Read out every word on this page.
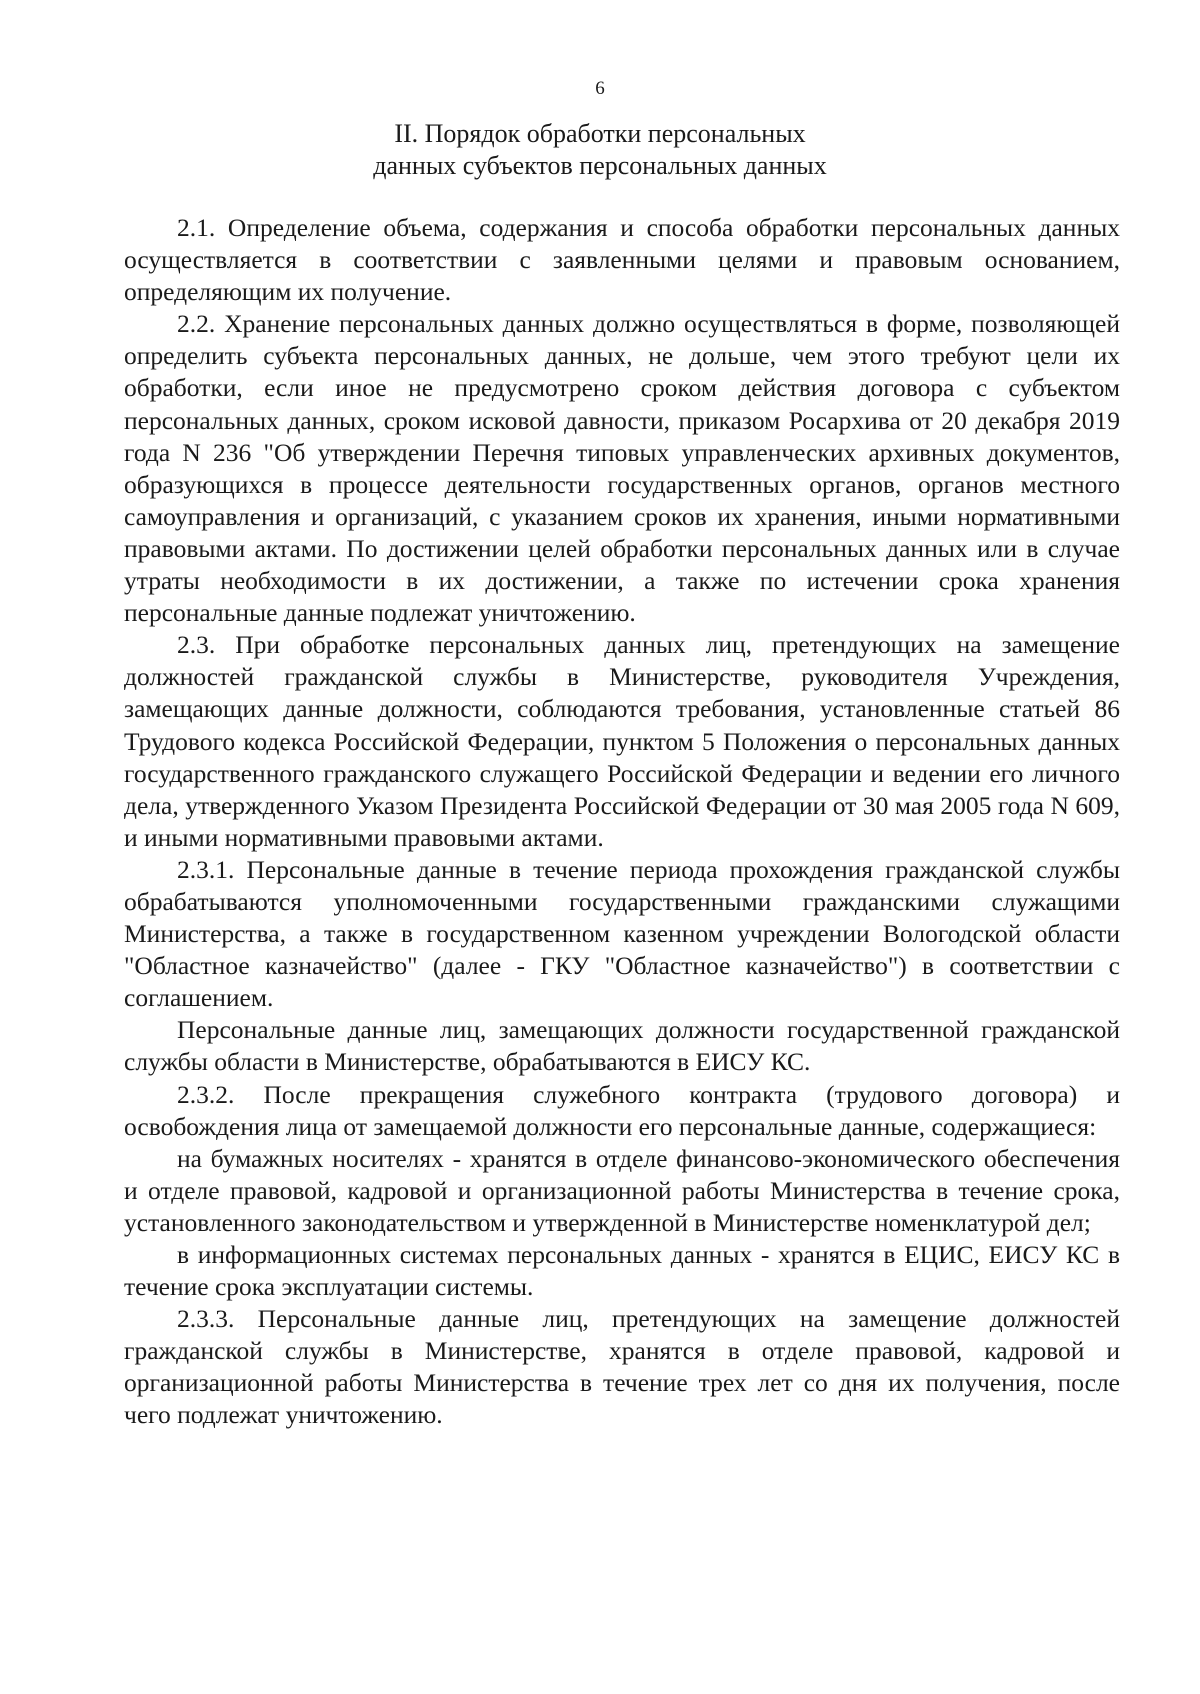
6
II. Порядок обработки персональных
данных субъектов персональных данных

2.1. Определение объема, содержания и способа обработки персональных данных осуществляется в соответствии с заявленными целями и правовым основанием, определяющим их получение.

2.2. Хранение персональных данных должно осуществляться в форме, позволяющей определить субъекта персональных данных, не дольше, чем этого требуют цели их обработки, если иное не предусмотрено сроком действия договора с субъектом персональных данных, сроком исковой давности, приказом Росархива от 20 декабря 2019 года N 236 "Об утверждении Перечня типовых управленческих архивных документов, образующихся в процессе деятельности государственных органов, органов местного самоуправления и организаций, с указанием сроков их хранения, иными нормативными правовыми актами. По достижении целей обработки персональных данных или в случае утраты необходимости в их достижении, а также по истечении срока хранения персональные данные подлежат уничтожению.

2.3. При обработке персональных данных лиц, претендующих на замещение должностей гражданской службы в Министерстве, руководителя Учреждения, замещающих данные должности, соблюдаются требования, установленные статьей 86 Трудового кодекса Российской Федерации, пунктом 5 Положения о персональных данных государственного гражданского служащего Российской Федерации и ведении его личного дела, утвержденного Указом Президента Российской Федерации от 30 мая 2005 года N 609, и иными нормативными правовыми актами.

2.3.1. Персональные данные в течение периода прохождения гражданской службы обрабатываются уполномоченными государственными гражданскими служащими Министерства, а также в государственном казенном учреждении Вологодской области "Областное казначейство" (далее - ГКУ "Областное казначейство") в соответствии с соглашением.

Персональные данные лиц, замещающих должности государственной гражданской службы области в Министерстве, обрабатываются в ЕИСУ КС.

2.3.2. После прекращения служебного контракта (трудового договора) и освобождения лица от замещаемой должности его персональные данные, содержащиеся:

на бумажных носителях - хранятся в отделе финансово-экономического обеспечения и отделе правовой, кадровой и организационной работы Министерства в течение срока, установленного законодательством и утвержденной в Министерстве номенклатурой дел;

в информационных системах персональных данных - хранятся в ЕЦИС, ЕИСУ КС в течение срока эксплуатации системы.

2.3.3. Персональные данные лиц, претендующих на замещение должностей гражданской службы в Министерстве, хранятся в отделе правовой, кадровой и организационной работы Министерства в течение трех лет со дня их получения, после чего подлежат уничтожению.
